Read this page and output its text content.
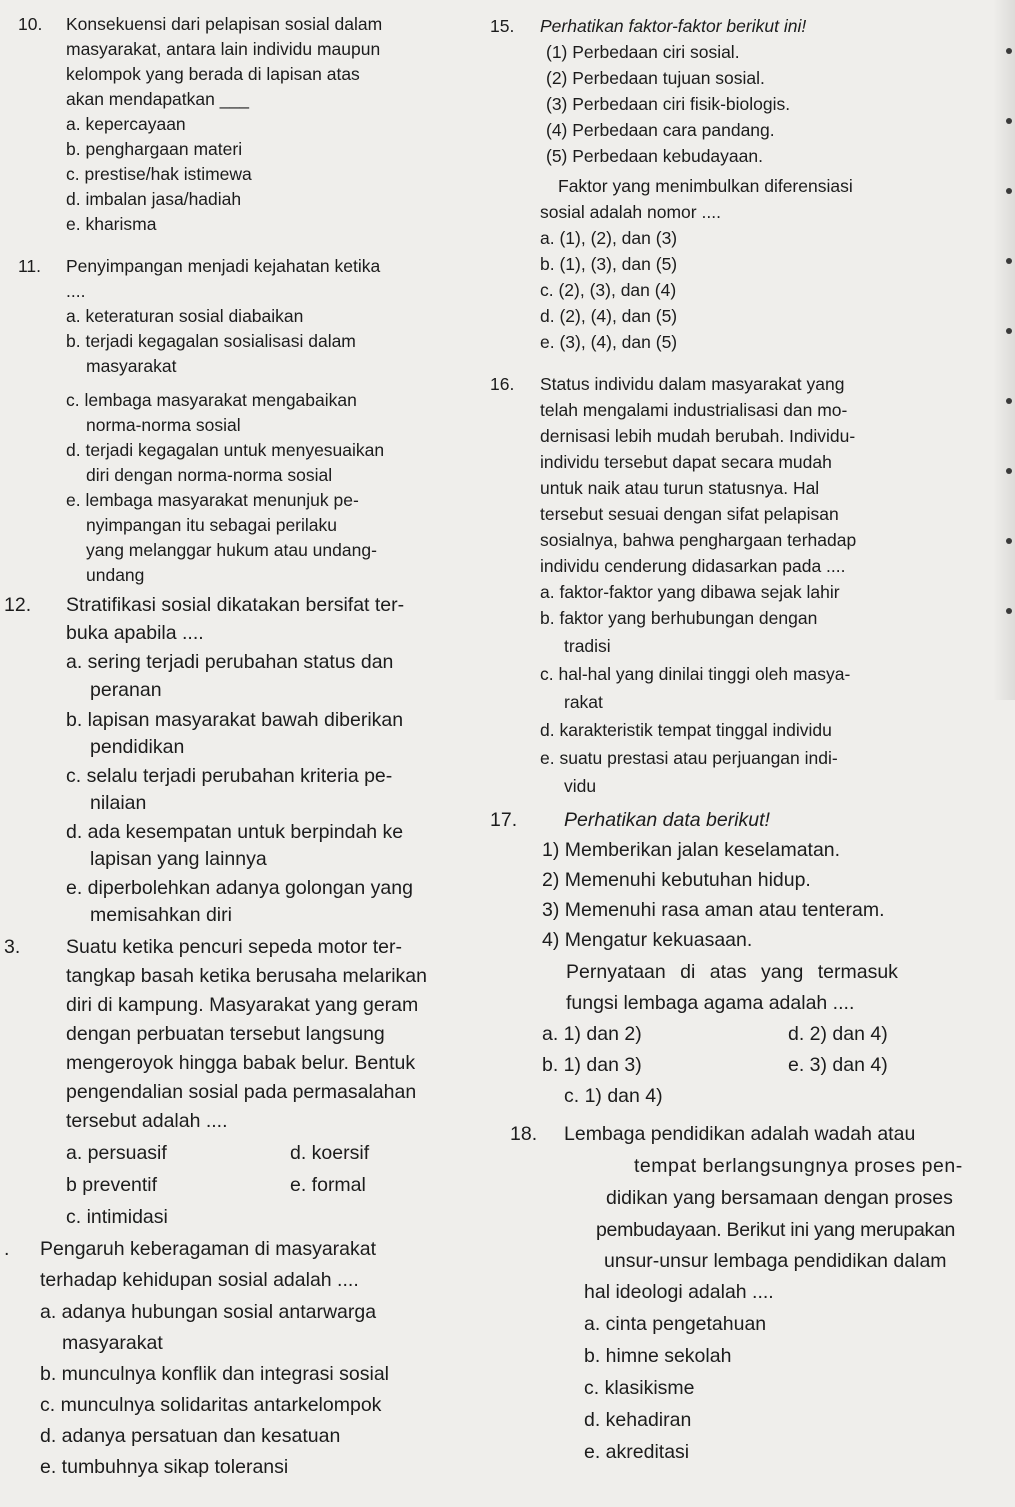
10. Konsekuensi dari pelapisan sosial dalam
masyarakat, antara lain individu maupun
kelompok yang berada di lapisan atas
akan mendapatkan ___
a. kepercayaan
b. penghargaan materi
c. prestise/hak istimewa
d. imbalan jasa/hadiah
e. kharisma
11. Penyimpangan menjadi kejahatan ketika
....
a. keteraturan sosial diabaikan
b. terjadi kegagalan sosialisasi dalam
masyarakat
c. lembaga masyarakat mengabaikan
norma-norma sosial
d. terjadi kegagalan untuk menyesuaikan
diri dengan norma-norma sosial
e. lembaga masyarakat menunjuk pe-
nyimpangan itu sebagai perilaku
yang melanggar hukum atau undang-
undang
12. Stratifikasi sosial dikatakan bersifat ter-
buka apabila ....
a. sering terjadi perubahan status dan
peranan
b. lapisan masyarakat bawah diberikan
pendidikan
c. selalu terjadi perubahan kriteria pe-
nilaian
d. ada kesempatan untuk berpindah ke
lapisan yang lainnya
e. diperbolehkan adanya golongan yang
memisahkan diri
3. Suatu ketika pencuri sepeda motor ter-
tangkap basah ketika berusaha melarikan
diri di kampung. Masyarakat yang geram
dengan perbuatan tersebut langsung
mengeroyok hingga babak belur. Bentuk
pengendalian sosial pada permasalahan
tersebut adalah ....
a. persuasif	d. koersif
b preventif	e. formal
c. intimidasi
. Pengaruh keberagaman di masyarakat
terhadap kehidupan sosial adalah ....
a. adanya hubungan sosial antarwarga
masyarakat
b. munculnya konflik dan integrasi sosial
c. munculnya solidaritas antarkelompok
d. adanya persatuan dan kesatuan
e. tumbuhnya sikap toleransi
15. Perhatikan faktor-faktor berikut ini!
(1) Perbedaan ciri sosial.
(2) Perbedaan tujuan sosial.
(3) Perbedaan ciri fisik-biologis.
(4) Perbedaan cara pandang.
(5) Perbedaan kebudayaan.
Faktor yang menimbulkan diferensiasi
sosial adalah nomor ....
a. (1), (2), dan (3)
b. (1), (3), dan (5)
c. (2), (3), dan (4)
d. (2), (4), dan (5)
e. (3), (4), dan (5)
16. Status individu dalam masyarakat yang
telah mengalami industrialisasi dan mo-
dernisasi lebih mudah berubah. Individu-
individu tersebut dapat secara mudah
untuk naik atau turun statusnya. Hal
tersebut sesuai dengan sifat pelapisan
sosialnya, bahwa penghargaan terhadap
individu cenderung didasarkan pada ....
a. faktor-faktor yang dibawa sejak lahir
b. faktor yang berhubungan dengan
tradisi
c. hal-hal yang dinilai tinggi oleh masya-
rakat
d. karakteristik tempat tinggal individu
e. suatu prestasi atau perjuangan indi-
vidu
17. Perhatikan data berikut!
1) Memberikan jalan keselamatan.
2) Memenuhi kebutuhan hidup.
3) Memenuhi rasa aman atau tenteram.
4) Mengatur kekuasaan.
Pernyataan di atas yang termasuk
fungsi lembaga agama adalah ....
a. 1) dan 2)	d. 2) dan 4)
b. 1) dan 3)	e. 3) dan 4)
c. 1) dan 4)
18. Lembaga pendidikan adalah wadah atau
tempat berlangsungnya proses pen-
didikan yang bersamaan dengan proses
pembudayaan. Berikut ini yang merupakan
unsur-unsur lembaga pendidikan dalam
hal ideologi adalah ....
a. cinta pengetahuan
b. himne sekolah
c. klasikisme
d. kehadiran
e. akreditasi
